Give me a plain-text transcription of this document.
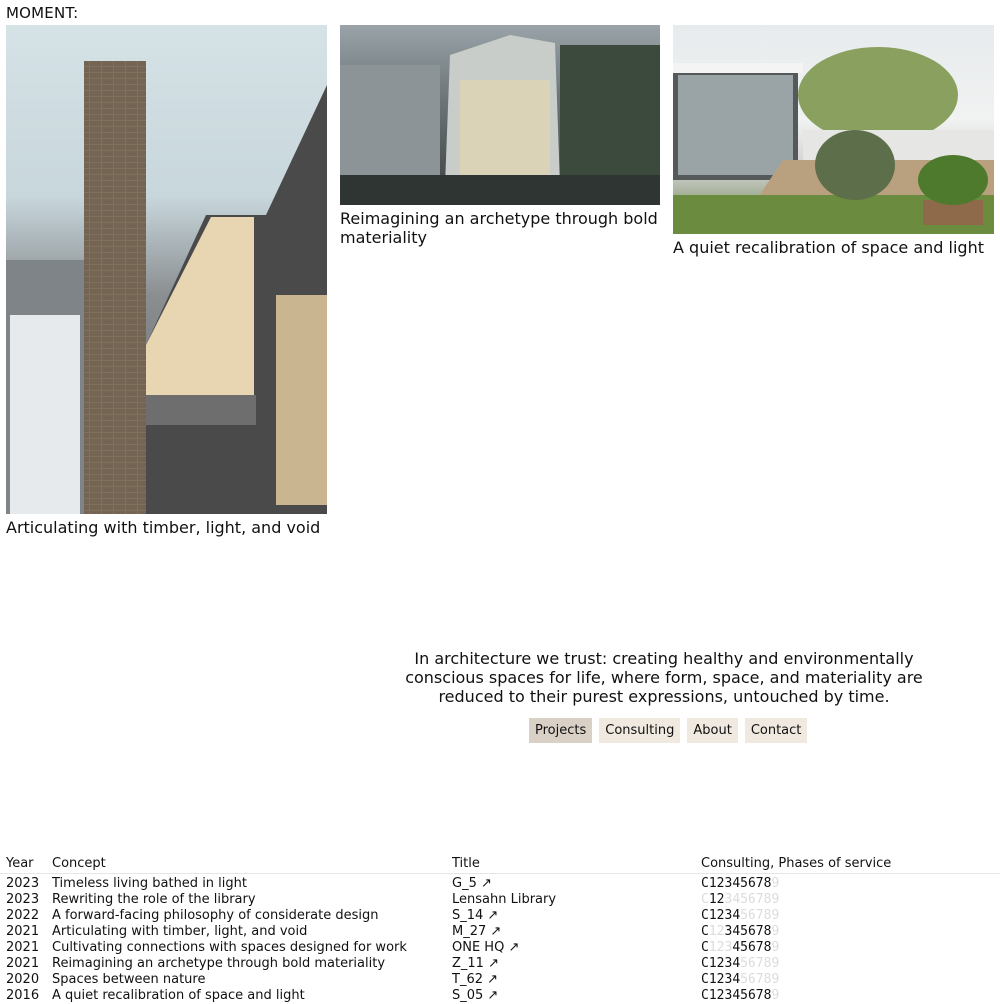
MOMENT:
Articulating with timber, light, and void
Reimagining an archetype through bold materiality
A quiet recalibration of space and light
In architecture we trust: creating healthy and environmentally conscious spaces for life, where form, space, and materiality are reduced to their purest expressions, untouched by time.
Projects	Consulting	About	Contact
Year Concept	Title	Consulting, Phases of service
2023 Timeless living bathed in light	G_5 ↗	C123456789
2023 Rewriting the role of the library	Lensahn Library	C123456789
2022 A forward-facing philosophy of considerate design	S_14 ↗	C123456789
2021 Articulating with timber, light, and void	M_27 ↗	C123456789
2021 Cultivating connections with spaces designed for work	ONE HQ ↗	C123456789
2021 Reimagining an archetype through bold materiality	Z_11 ↗	C123456789
2020 Spaces between nature	T_62 ↗	C123456789
2016 A quiet recalibration of space and light	S_05 ↗	C123456789
